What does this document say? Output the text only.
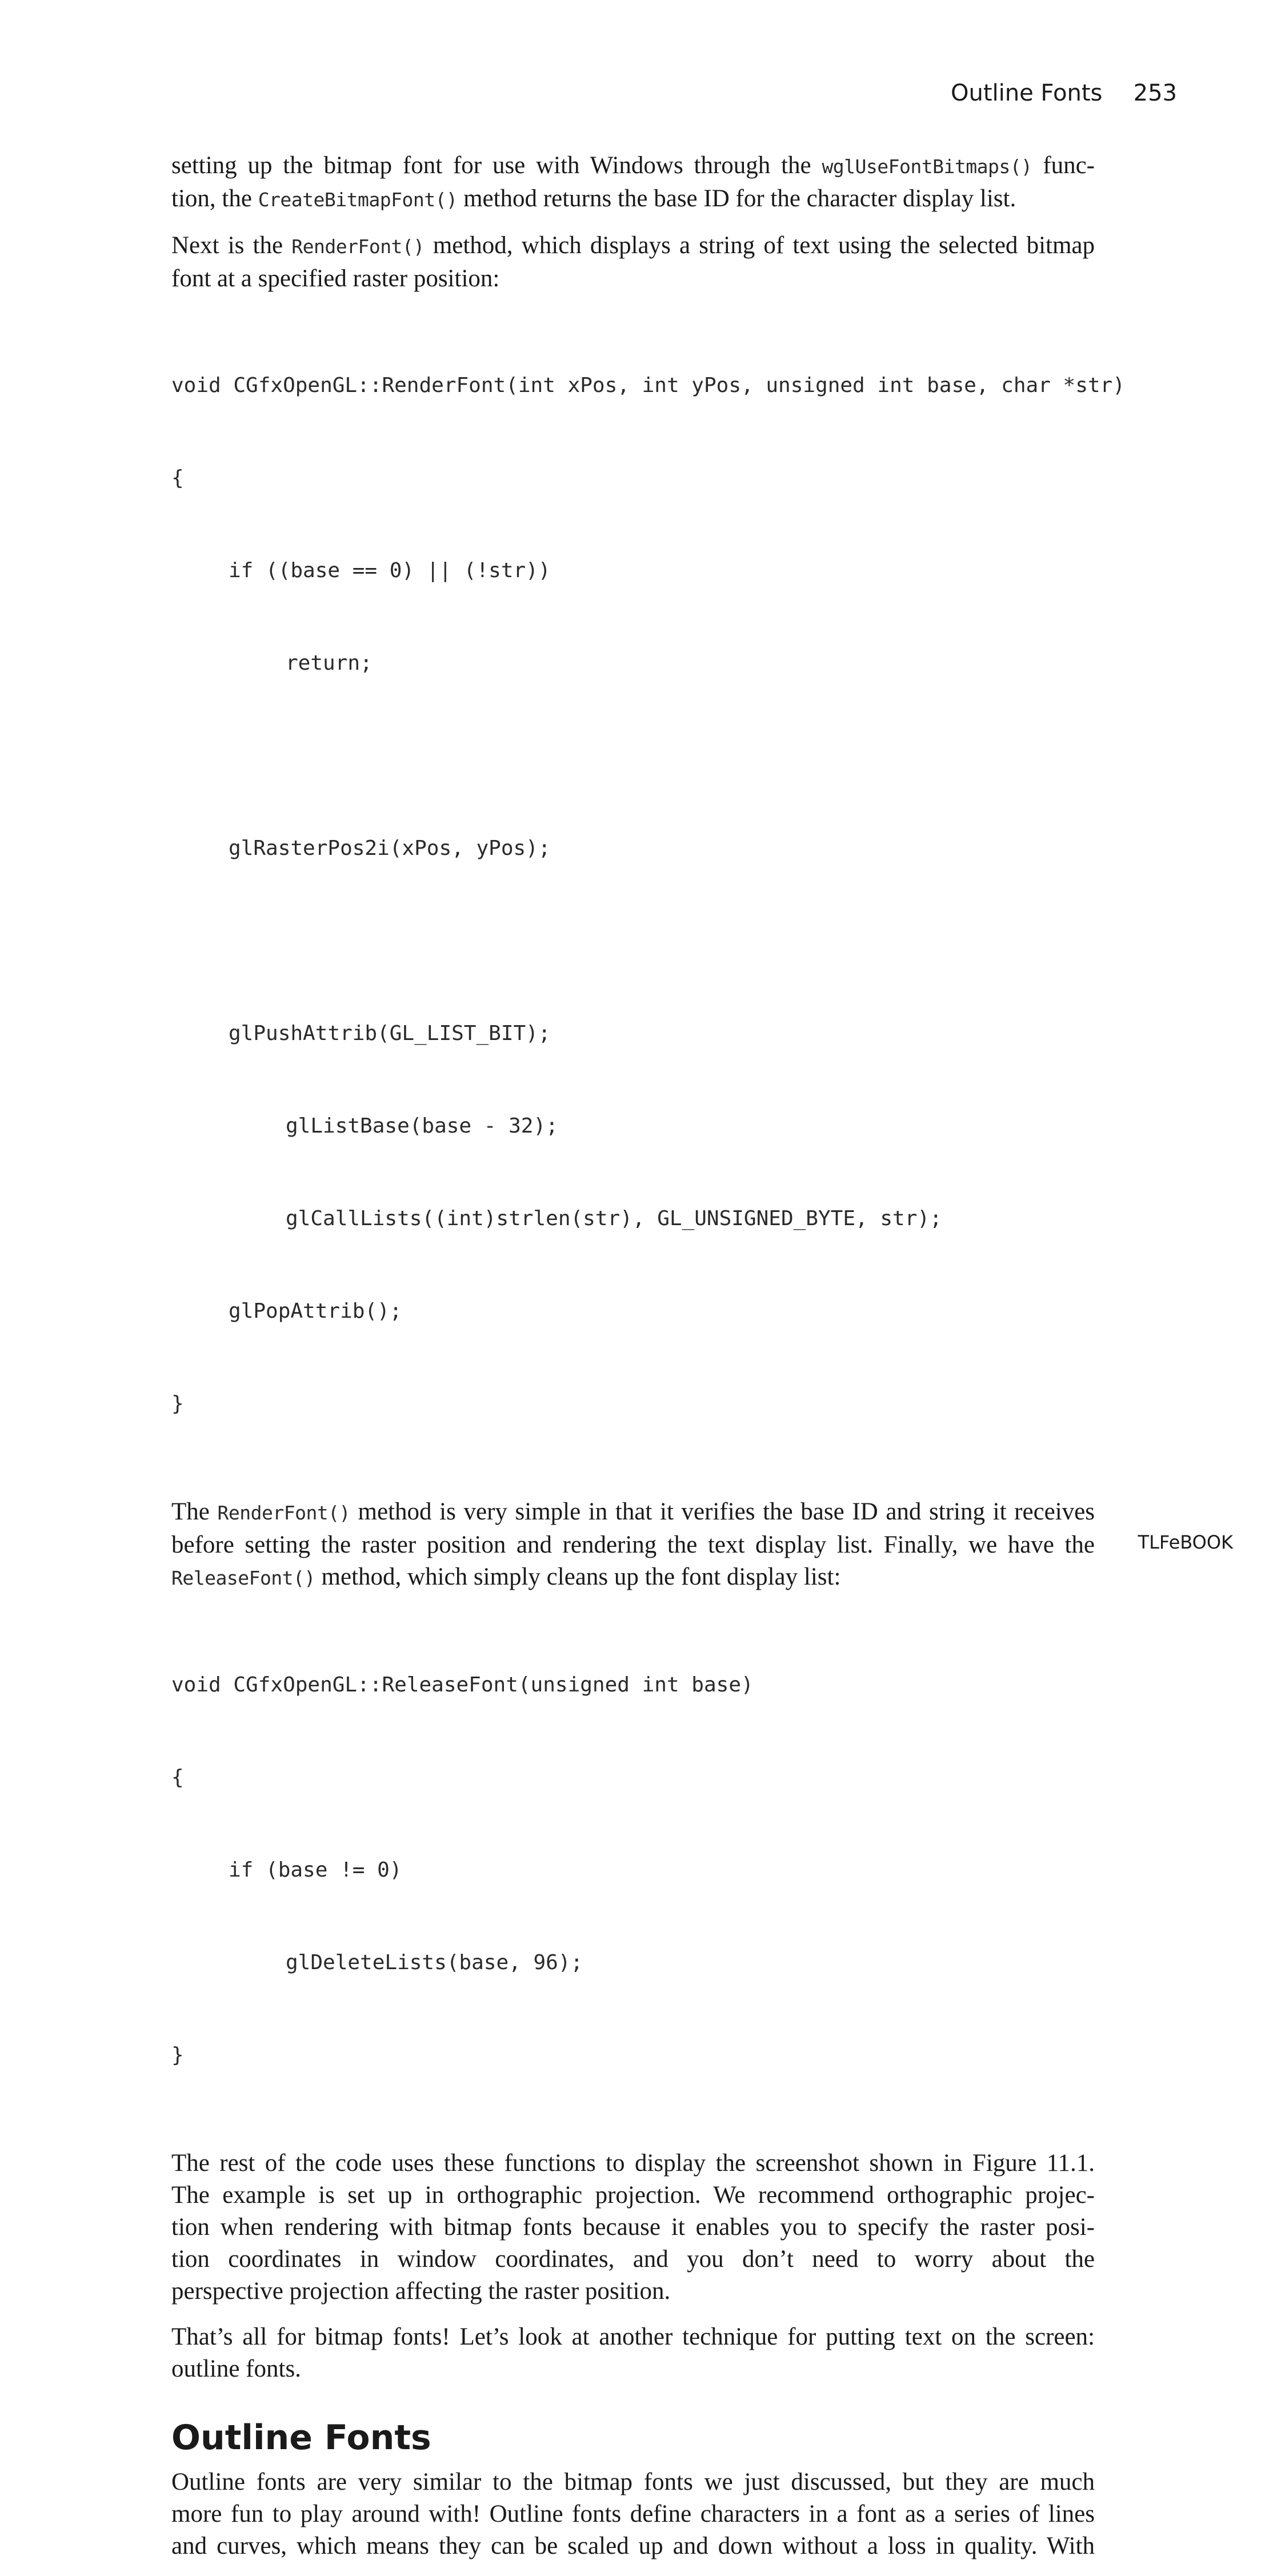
Outline Fonts 253

setting up the bitmap font for use with Windows through the wglUseFontBitmaps() func-
tion, the CreateBitmapFont() method returns the base ID for the character display list.

Next is the RenderFont() method, which displays a string of text using the selected bitmap
font at a specified raster position:

void CGfxOpenGL::RenderFont(int xPos, int yPos, unsigned int base, char *str)

{

if ((base == 0) || (!str))

return;

glRasterPos2i(xPos, yPos);

glPushAttrib(GL_LIST_BIT);

glListBase(base - 32);

glCallLists((int)strlen(str), GL_UNSIGNED_BYTE, str);

glPopAttrib();

}

The RenderFont() method is very simple in that it verifies the base ID and string it receives
before setting the raster position and rendering the text display list. Finally, we have the
ReleaseFont() method, which simply cleans up the font display list:

void CGfxOpenGL::ReleaseFont(unsigned int base)

{

if (base != 0)

glDeleteLists(base, 96);

}

The rest of the code uses these functions to display the screenshot shown in Figure 11.1.
The example is set up in orthographic projection. We recommend orthographic projec-
tion when rendering with bitmap fonts because it enables you to specify the raster posi-
tion coordinates in window coordinates, and you don’t need to worry about the
perspective projection affecting the raster position.

That’s all for bitmap fonts! Let’s look at another technique for putting text on the screen:
outline fonts.

Outline Fonts

Outline fonts are very similar to the bitmap fonts we just discussed, but they are much
more fun to play around with! Outline fonts define characters in a font as a series of lines
and curves, which means they can be scaled up and down without a loss in quality. With

TLFeBOOK
